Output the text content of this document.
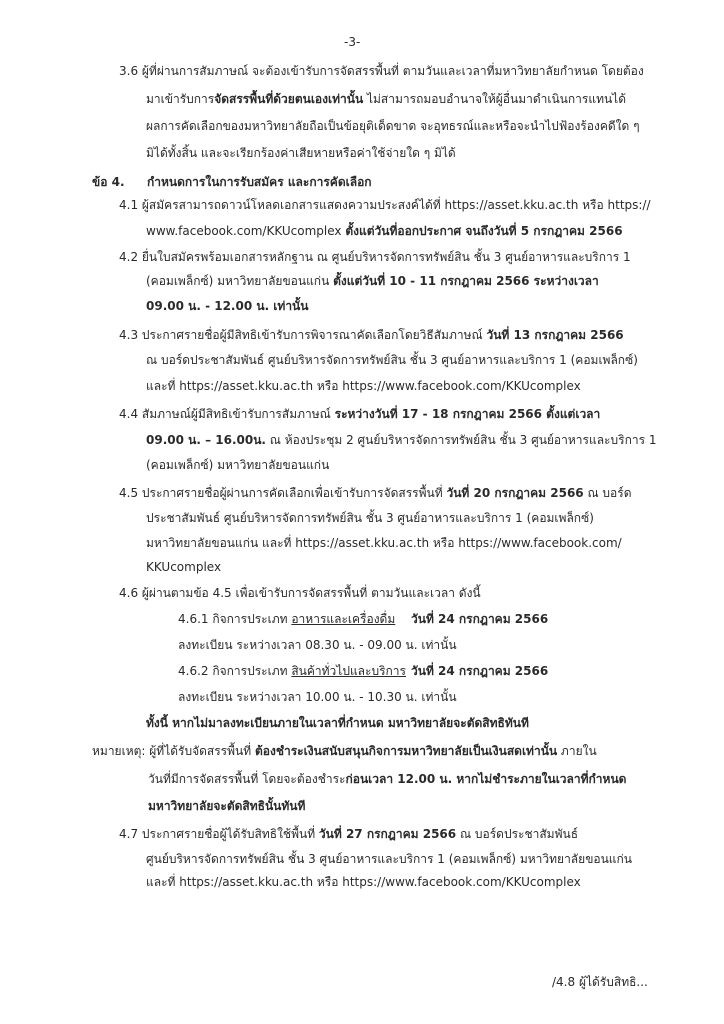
-3-
3.6 ผู้ที่ผ่านการสัมภาษณ์ จะต้องเข้ารับการจัดสรรพื้นที่ ตามวันและเวลาที่มหาวิทยาลัยกำหนด โดยต้อง
มาเข้ารับการจัดสรรพื้นที่ด้วยตนเองเท่านั้น ไม่สามารถมอบอำนาจให้ผู้อื่นมาดำเนินการแทนได้
ผลการคัดเลือกของมหาวิทยาลัยถือเป็นข้อยุติเด็ดขาด จะอุทธรณ์และหรือจะนำไปฟ้องร้องคดีใด ๆ
มิได้ทั้งสิ้น และจะเรียกร้องค่าเสียหายหรือค่าใช้จ่ายใด ๆ มิได้
ข้อ 4. กำหนดการในการรับสมัคร และการคัดเลือก
4.1 ผู้สมัครสามารถดาวน์โหลดเอกสารแสดงความประสงค์ได้ที่ https://asset.kku.ac.th หรือ https://
www.facebook.com/KKUcomplex ตั้งแต่วันที่ออกประกาศ จนถึงวันที่ 5 กรกฎาคม 2566
4.2 ยื่นใบสมัครพร้อมเอกสารหลักฐาน ณ ศูนย์บริหารจัดการทรัพย์สิน ชั้น 3 ศูนย์อาหารและบริการ 1
(คอมเพล็กซ์) มหาวิทยาลัยขอนแก่น ตั้งแต่วันที่ 10 - 11 กรกฎาคม 2566 ระหว่างเวลา
09.00 น. - 12.00 น. เท่านั้น
4.3 ประกาศรายชื่อผู้มีสิทธิเข้ารับการพิจารณาคัดเลือกโดยวิธีสัมภาษณ์ วันที่ 13 กรกฎาคม 2566
ณ บอร์ดประชาสัมพันธ์ ศูนย์บริหารจัดการทรัพย์สิน ชั้น 3 ศูนย์อาหารและบริการ 1 (คอมเพล็กซ์)
และที่ https://asset.kku.ac.th หรือ https://www.facebook.com/KKUcomplex
4.4 สัมภาษณ์ผู้มีสิทธิเข้ารับการสัมภาษณ์ ระหว่างวันที่ 17 - 18 กรกฎาคม 2566 ตั้งแต่เวลา
09.00 น. – 16.00น. ณ ห้องประชุม 2 ศูนย์บริหารจัดการทรัพย์สิน ชั้น 3 ศูนย์อาหารและบริการ 1
(คอมเพล็กซ์) มหาวิทยาลัยขอนแก่น
4.5 ประกาศรายชื่อผู้ผ่านการคัดเลือกเพื่อเข้ารับการจัดสรรพื้นที่ วันที่ 20 กรกฎาคม 2566 ณ บอร์ด
ประชาสัมพันธ์ ศูนย์บริหารจัดการทรัพย์สิน ชั้น 3 ศูนย์อาหารและบริการ 1 (คอมเพล็กซ์)
มหาวิทยาลัยขอนแก่น และที่ https://asset.kku.ac.th หรือ https://www.facebook.com/
KKUcomplex
4.6 ผู้ผ่านตามข้อ 4.5 เพื่อเข้ารับการจัดสรรพื้นที่ ตามวันและเวลา ดังนี้
4.6.1 กิจการประเภท อาหารและเครื่องดื่ม วันที่ 24 กรกฎาคม 2566
ลงทะเบียน ระหว่างเวลา 08.30 น. - 09.00 น. เท่านั้น
4.6.2 กิจการประเภท สินค้าทั่วไปและบริการ วันที่ 24 กรกฎาคม 2566
ลงทะเบียน ระหว่างเวลา 10.00 น. - 10.30 น. เท่านั้น
ทั้งนี้ หากไม่มาลงทะเบียนภายในเวลาที่กำหนด มหาวิทยาลัยจะตัดสิทธิทันที
หมายเหตุ: ผู้ที่ได้รับจัดสรรพื้นที่ ต้องชำระเงินสนับสนุนกิจการมหาวิทยาลัยเป็นเงินสดเท่านั้น ภายใน
วันที่มีการจัดสรรพื้นที่ โดยจะต้องชำระก่อนเวลา 12.00 น. หากไม่ชำระภายในเวลาที่กำหนด
มหาวิทยาลัยจะตัดสิทธินั้นทันที
4.7 ประกาศรายชื่อผู้ได้รับสิทธิใช้พื้นที่ วันที่ 27 กรกฎาคม 2566 ณ บอร์ดประชาสัมพันธ์
ศูนย์บริหารจัดการทรัพย์สิน ชั้น 3 ศูนย์อาหารและบริการ 1 (คอมเพล็กซ์) มหาวิทยาลัยขอนแก่น
และที่ https://asset.kku.ac.th หรือ https://www.facebook.com/KKUcomplex
/4.8 ผู้ได้รับสิทธิ...
